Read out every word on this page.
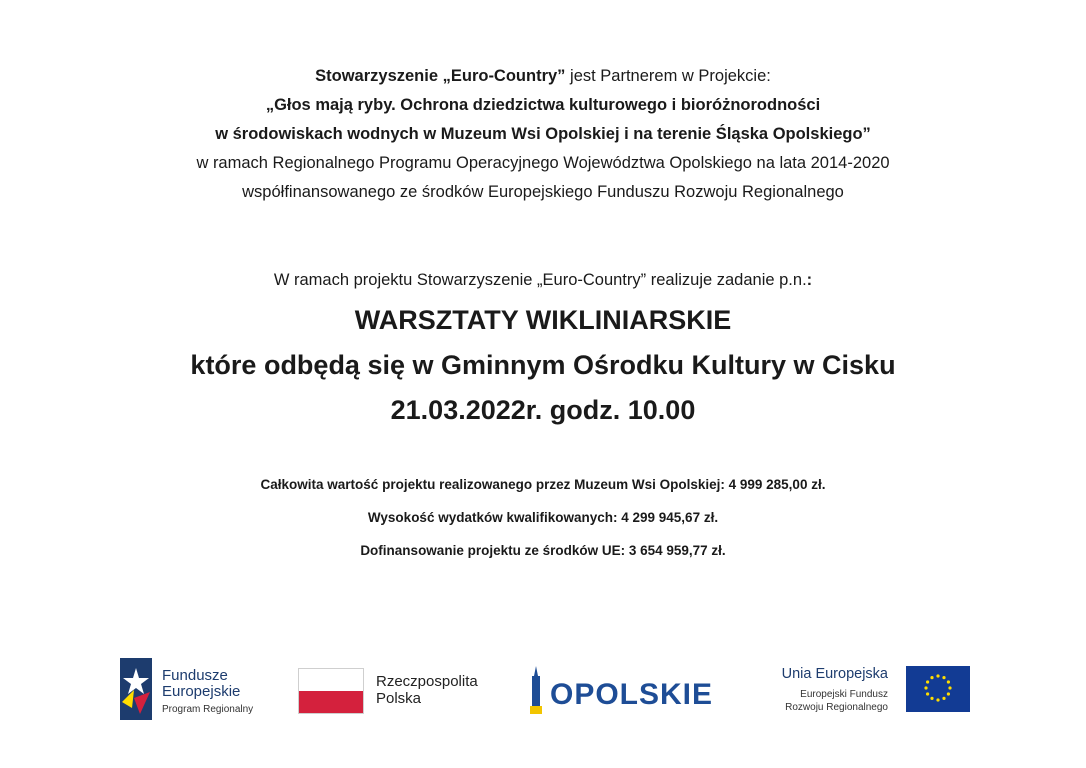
Stowarzyszenie „Euro-Country” jest Partnerem w Projekcie:
„Głos mają ryby. Ochrona dziedzictwa kulturowego i bioróżnorodności
w środowiskach wodnych w Muzeum Wsi Opolskiej i na terenie Śląska Opolskiego”
w ramach Regionalnego Programu Operacyjnego Województwa Opolskiego na lata 2014-2020
współfinansowanego ze środków Europejskiego Funduszu Rozwoju Regionalnego
W ramach projektu Stowarzyszenie „Euro-Country” realizuje zadanie p.n.:
WARSZTATY WIKLINIARSKIE
które odbędą się w Gminnym Ośrodku Kultury w Cisku
21.03.2022r. godz. 10.00
Całkowita wartość projektu realizowanego przez Muzeum Wsi Opolskiej: 4 999 285,00 zł.
Wysokość wydatków kwalifikowanych: 4 299 945,67 zł.
Dofinansowanie projektu ze środków UE: 3 654 959,77 zł.
Fundusze
Europejskie
Program Regionalny
Rzeczpospolita
Polska	OPOLSKIE
Unia Europejska
Europejski Fundusz
Rozwoju Regionalnego
